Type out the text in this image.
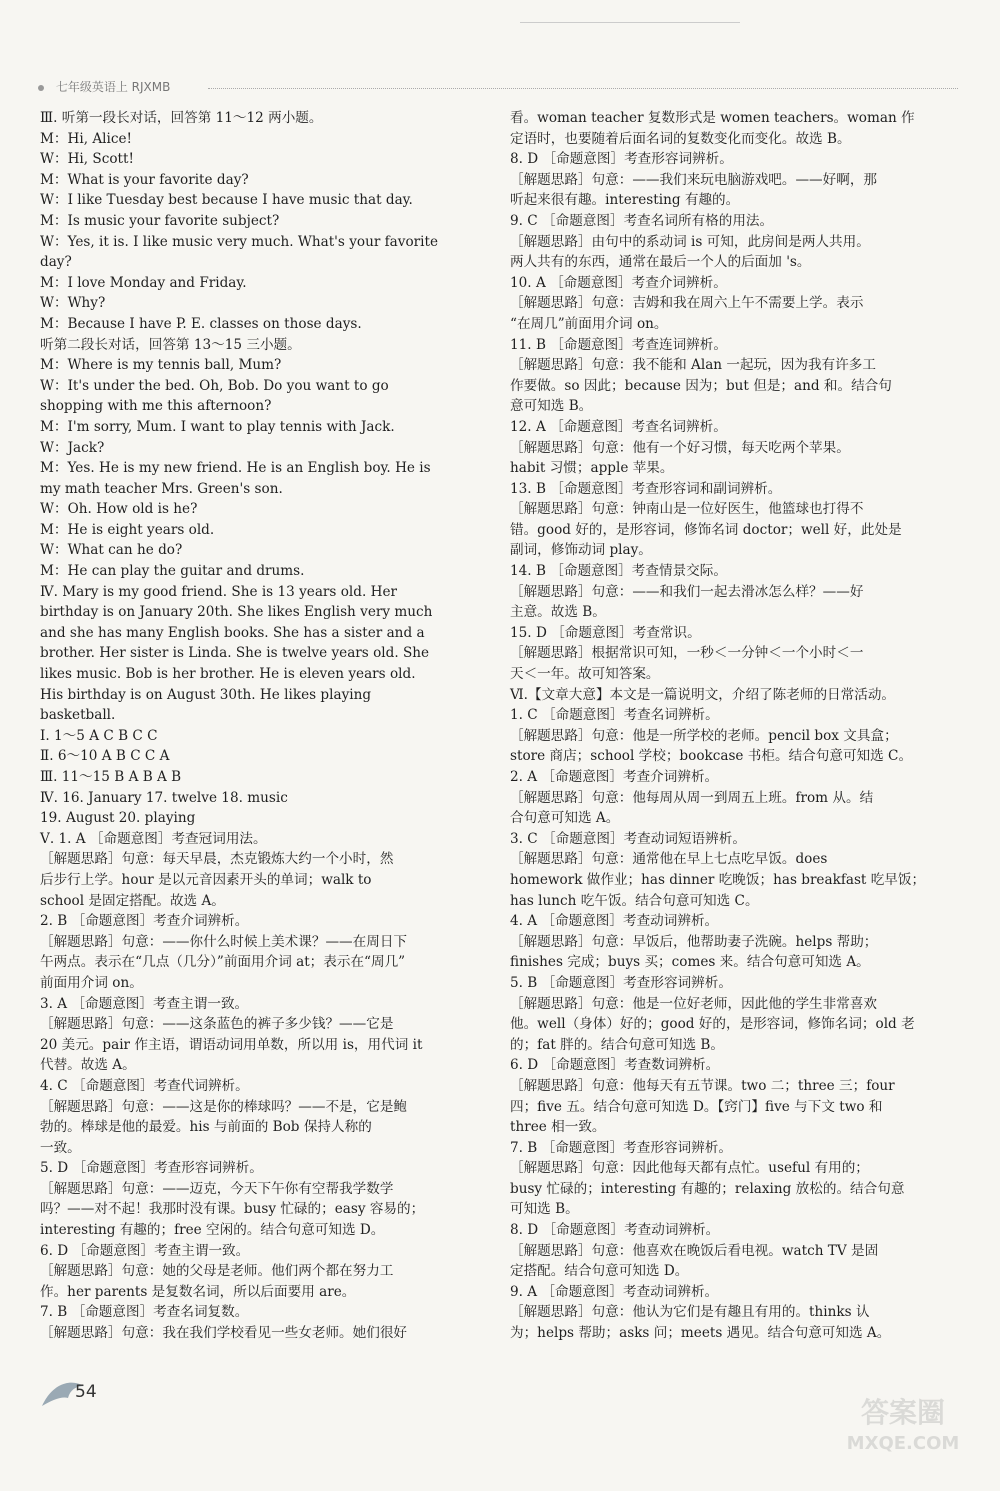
七年级英语上 RJXMB
Ⅲ. 听第一段长对话，回答第 11～12 两小题。
M：Hi, Alice!
W：Hi, Scott!
M：What is your favorite day?
W：I like Tuesday best because I have music that day.
M：Is music your favorite subject?
W：Yes, it is. I like music very much. What's your favorite
day?
M：I love Monday and Friday.
W：Why?
M：Because I have P. E. classes on those days.
听第二段长对话，回答第 13～15 三小题。
M：Where is my tennis ball, Mum?
W：It's under the bed. Oh, Bob. Do you want to go
shopping with me this afternoon?
M：I'm sorry, Mum. I want to play tennis with Jack.
W：Jack?
M：Yes. He is my new friend. He is an English boy. He is
my math teacher Mrs. Green's son.
W：Oh. How old is he?
M：He is eight years old.
W：What can he do?
M：He can play the guitar and drums.
Ⅳ. Mary is my good friend. She is 13 years old. Her
birthday is on January 20th. She likes English very much
and she has many English books. She has a sister and a
brother. Her sister is Linda. She is twelve years old. She
likes music. Bob is her brother. He is eleven years old.
His birthday is on August 30th. He likes playing
basketball.
Ⅰ. 1～5 A C B C C
Ⅱ. 6～10 A B C C A
Ⅲ. 11～15 B A B A B
Ⅳ. 16. January 17. twelve 18. music
19. August 20. playing
Ⅴ. 1. A ［命题意图］考查冠词用法。
［解题思路］句意：每天早晨，杰克锻炼大约一个小时，然
后步行上学。hour 是以元音因素开头的单词；walk to
school 是固定搭配。故选 A。
2. B ［命题意图］考查介词辨析。
［解题思路］句意：——你什么时候上美术课？——在周日下
午两点。表示在“几点（几分）”前面用介词 at；表示在“周几”
前面用介词 on。
3. A ［命题意图］考查主谓一致。
［解题思路］句意：——这条蓝色的裤子多少钱？——它是
20 美元。pair 作主语，谓语动词用单数，所以用 is，用代词 it
代替。故选 A。
4. C ［命题意图］考查代词辨析。
［解题思路］句意：——这是你的棒球吗？——不是，它是鲍
勃的。棒球是他的最爱。his 与前面的 Bob 保持人称的
一致。
5. D ［命题意图］考查形容词辨析。
［解题思路］句意：——迈克，今天下午你有空帮我学数学
吗？——对不起！我那时没有课。busy 忙碌的；easy 容易的；
interesting 有趣的；free 空闲的。结合句意可知选 D。
6. D ［命题意图］考查主谓一致。
［解题思路］句意：她的父母是老师。他们两个都在努力工
作。her parents 是复数名词，所以后面要用 are。
7. B ［命题意图］考查名词复数。
［解题思路］句意：我在我们学校看见一些女老师。她们很好
看。woman teacher 复数形式是 women teachers。woman 作
定语时，也要随着后面名词的复数变化而变化。故选 B。
8. D ［命题意图］考查形容词辨析。
［解题思路］句意：——我们来玩电脑游戏吧。——好啊，那
听起来很有趣。interesting 有趣的。
9. C ［命题意图］考查名词所有格的用法。
［解题思路］由句中的系动词 is 可知，此房间是两人共用。
两人共有的东西，通常在最后一个人的后面加 's。
10. A ［命题意图］考查介词辨析。
［解题思路］句意：吉姆和我在周六上午不需要上学。表示
“在周几”前面用介词 on。
11. B ［命题意图］考查连词辨析。
［解题思路］句意：我不能和 Alan 一起玩，因为我有许多工
作要做。so 因此；because 因为；but 但是；and 和。结合句
意可知选 B。
12. A ［命题意图］考查名词辨析。
［解题思路］句意：他有一个好习惯，每天吃两个苹果。
habit 习惯；apple 苹果。
13. B ［命题意图］考查形容词和副词辨析。
［解题思路］句意：钟南山是一位好医生，他篮球也打得不
错。good 好的，是形容词，修饰名词 doctor；well 好，此处是
副词，修饰动词 play。
14. B ［命题意图］考查情景交际。
［解题思路］句意：——和我们一起去滑冰怎么样？——好
主意。故选 B。
15. D ［命题意图］考查常识。
［解题思路］根据常识可知，一秒＜一分钟＜一个小时＜一
天＜一年。故可知答案。
Ⅵ.【文章大意】本文是一篇说明文，介绍了陈老师的日常活动。
1. C ［命题意图］考查名词辨析。
［解题思路］句意：他是一所学校的老师。pencil box 文具盒；
store 商店；school 学校；bookcase 书柜。结合句意可知选 C。
2. A ［命题意图］考查介词辨析。
［解题思路］句意：他每周从周一到周五上班。from 从。结
合句意可知选 A。
3. C ［命题意图］考查动词短语辨析。
［解题思路］句意：通常他在早上七点吃早饭。does
homework 做作业；has dinner 吃晚饭；has breakfast 吃早饭；
has lunch 吃午饭。结合句意可知选 C。
4. A ［命题意图］考查动词辨析。
［解题思路］句意：早饭后，他帮助妻子洗碗。helps 帮助；
finishes 完成；buys 买；comes 来。结合句意可知选 A。
5. B ［命题意图］考查形容词辨析。
［解题思路］句意：他是一位好老师，因此他的学生非常喜欢
他。well（身体）好的；good 好的，是形容词，修饰名词；old 老
的；fat 胖的。结合句意可知选 B。
6. D ［命题意图］考查数词辨析。
［解题思路］句意：他每天有五节课。two 二；three 三；four
四；five 五。结合句意可知选 D。【窍门】five 与下文 two 和
three 相一致。
7. B ［命题意图］考查形容词辨析。
［解题思路］句意：因此他每天都有点忙。useful 有用的；
busy 忙碌的；interesting 有趣的；relaxing 放松的。结合句意
可知选 B。
8. D ［命题意图］考查动词辨析。
［解题思路］句意：他喜欢在晚饭后看电视。watch TV 是固
定搭配。结合句意可知选 D。
9. A ［命题意图］考查动词辨析。
［解题思路］句意：他认为它们是有趣且有用的。thinks 认
为；helps 帮助；asks 问；meets 遇见。结合句意可知选 A。
54
答案圈
MXQE.COM
